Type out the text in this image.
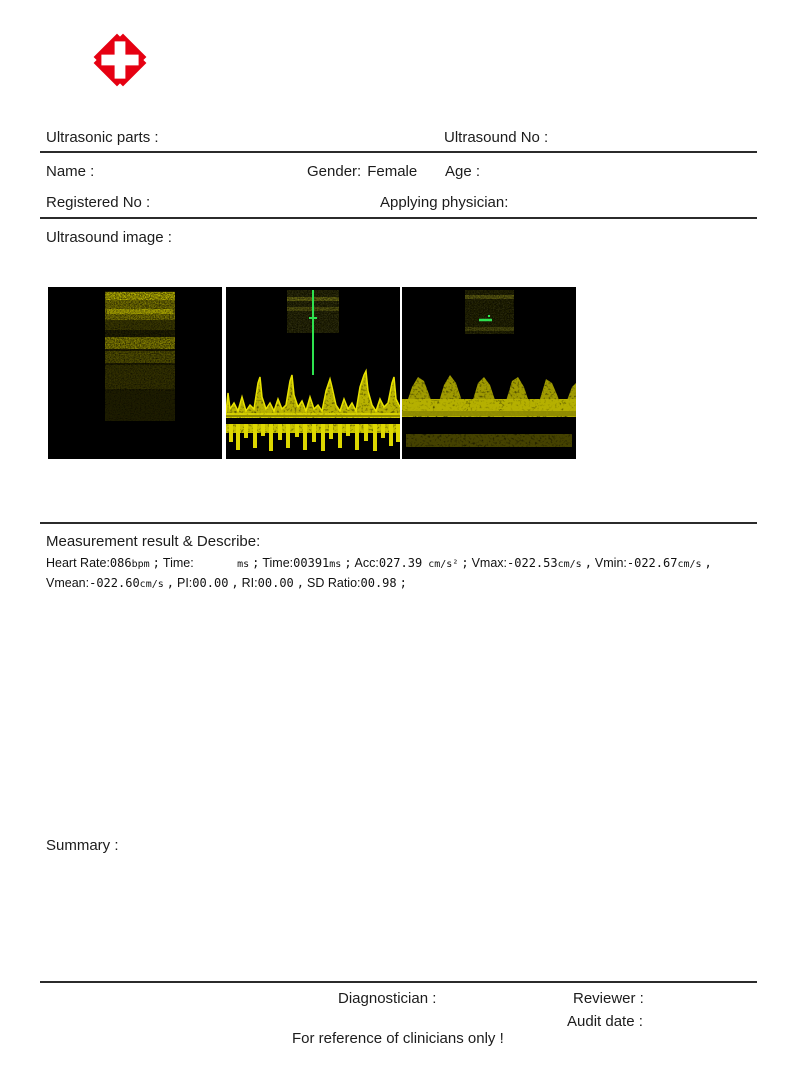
Ultrasonic parts :	Ultrasound No :
Name :	Gender: Female Age :
Registered No :	Applying physician:
Ultrasound image :
Measurement result & Describe:
Heart Rate:086bpm ; Time:	ms ; Time:00391ms ; Acc:027.39 cm/s² ; Vmax:-022.53cm/s , Vmin:-022.67cm/s ,
Vmean:-022.60cm/s , PI:00.00 , RI:00.00 , SD Ratio:00.98 ;
Summary :
Diagnostician :	Reviewer :
Audit date :
For reference of clinicians only !
